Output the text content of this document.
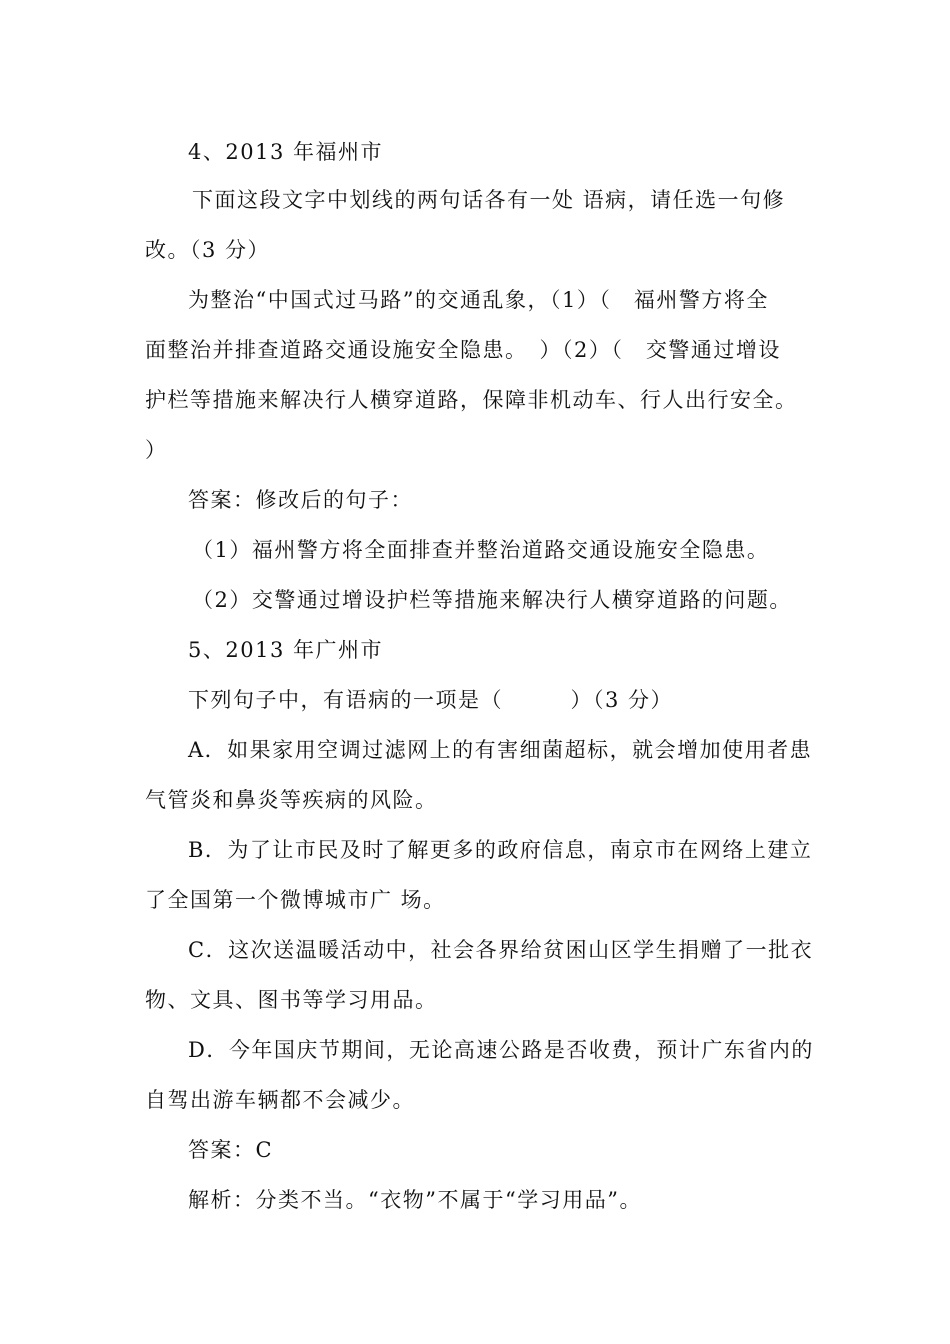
4、2013 年福州市
下面这段文字中划线的两句话各有一处 语病，请任选一句修
改。（3 分）
为整治“中国式过马路”的交通乱象，（1）（　福州警方将全
面整治并排查道路交通设施安全隐患。　）（2）（　交警通过增设
护栏等措施来解决行人横穿道路，保障非机动车、行人出行安全。
）
答案：修改后的句子：
（1）福州警方将全面排查并整治道路交通设施安全隐患。
（2）交警通过增设护栏等措施来解决行人横穿道路的问题。
5、2013 年广州市
下列句子中，有语病的一项是（　　　）（3 分）
A．如果家用空调过滤网上的有害细菌超标，就会增加使用者患
气管炎和鼻炎等疾病的风险。
B．为了让市民及时了解更多的政府信息，南京市在网络上建立
了全国第一个微博城市广 场。
C．这次送温暖活动中，社会各界给贫困山区学生捐赠了一批衣
物、文具、图书等学习用品。
D．今年国庆节期间，无论高速公路是否收费，预计广东省内的
自驾出游车辆都不会减少。
答案：C
解析：分类不当。“衣物”不属于“学习用品”。
